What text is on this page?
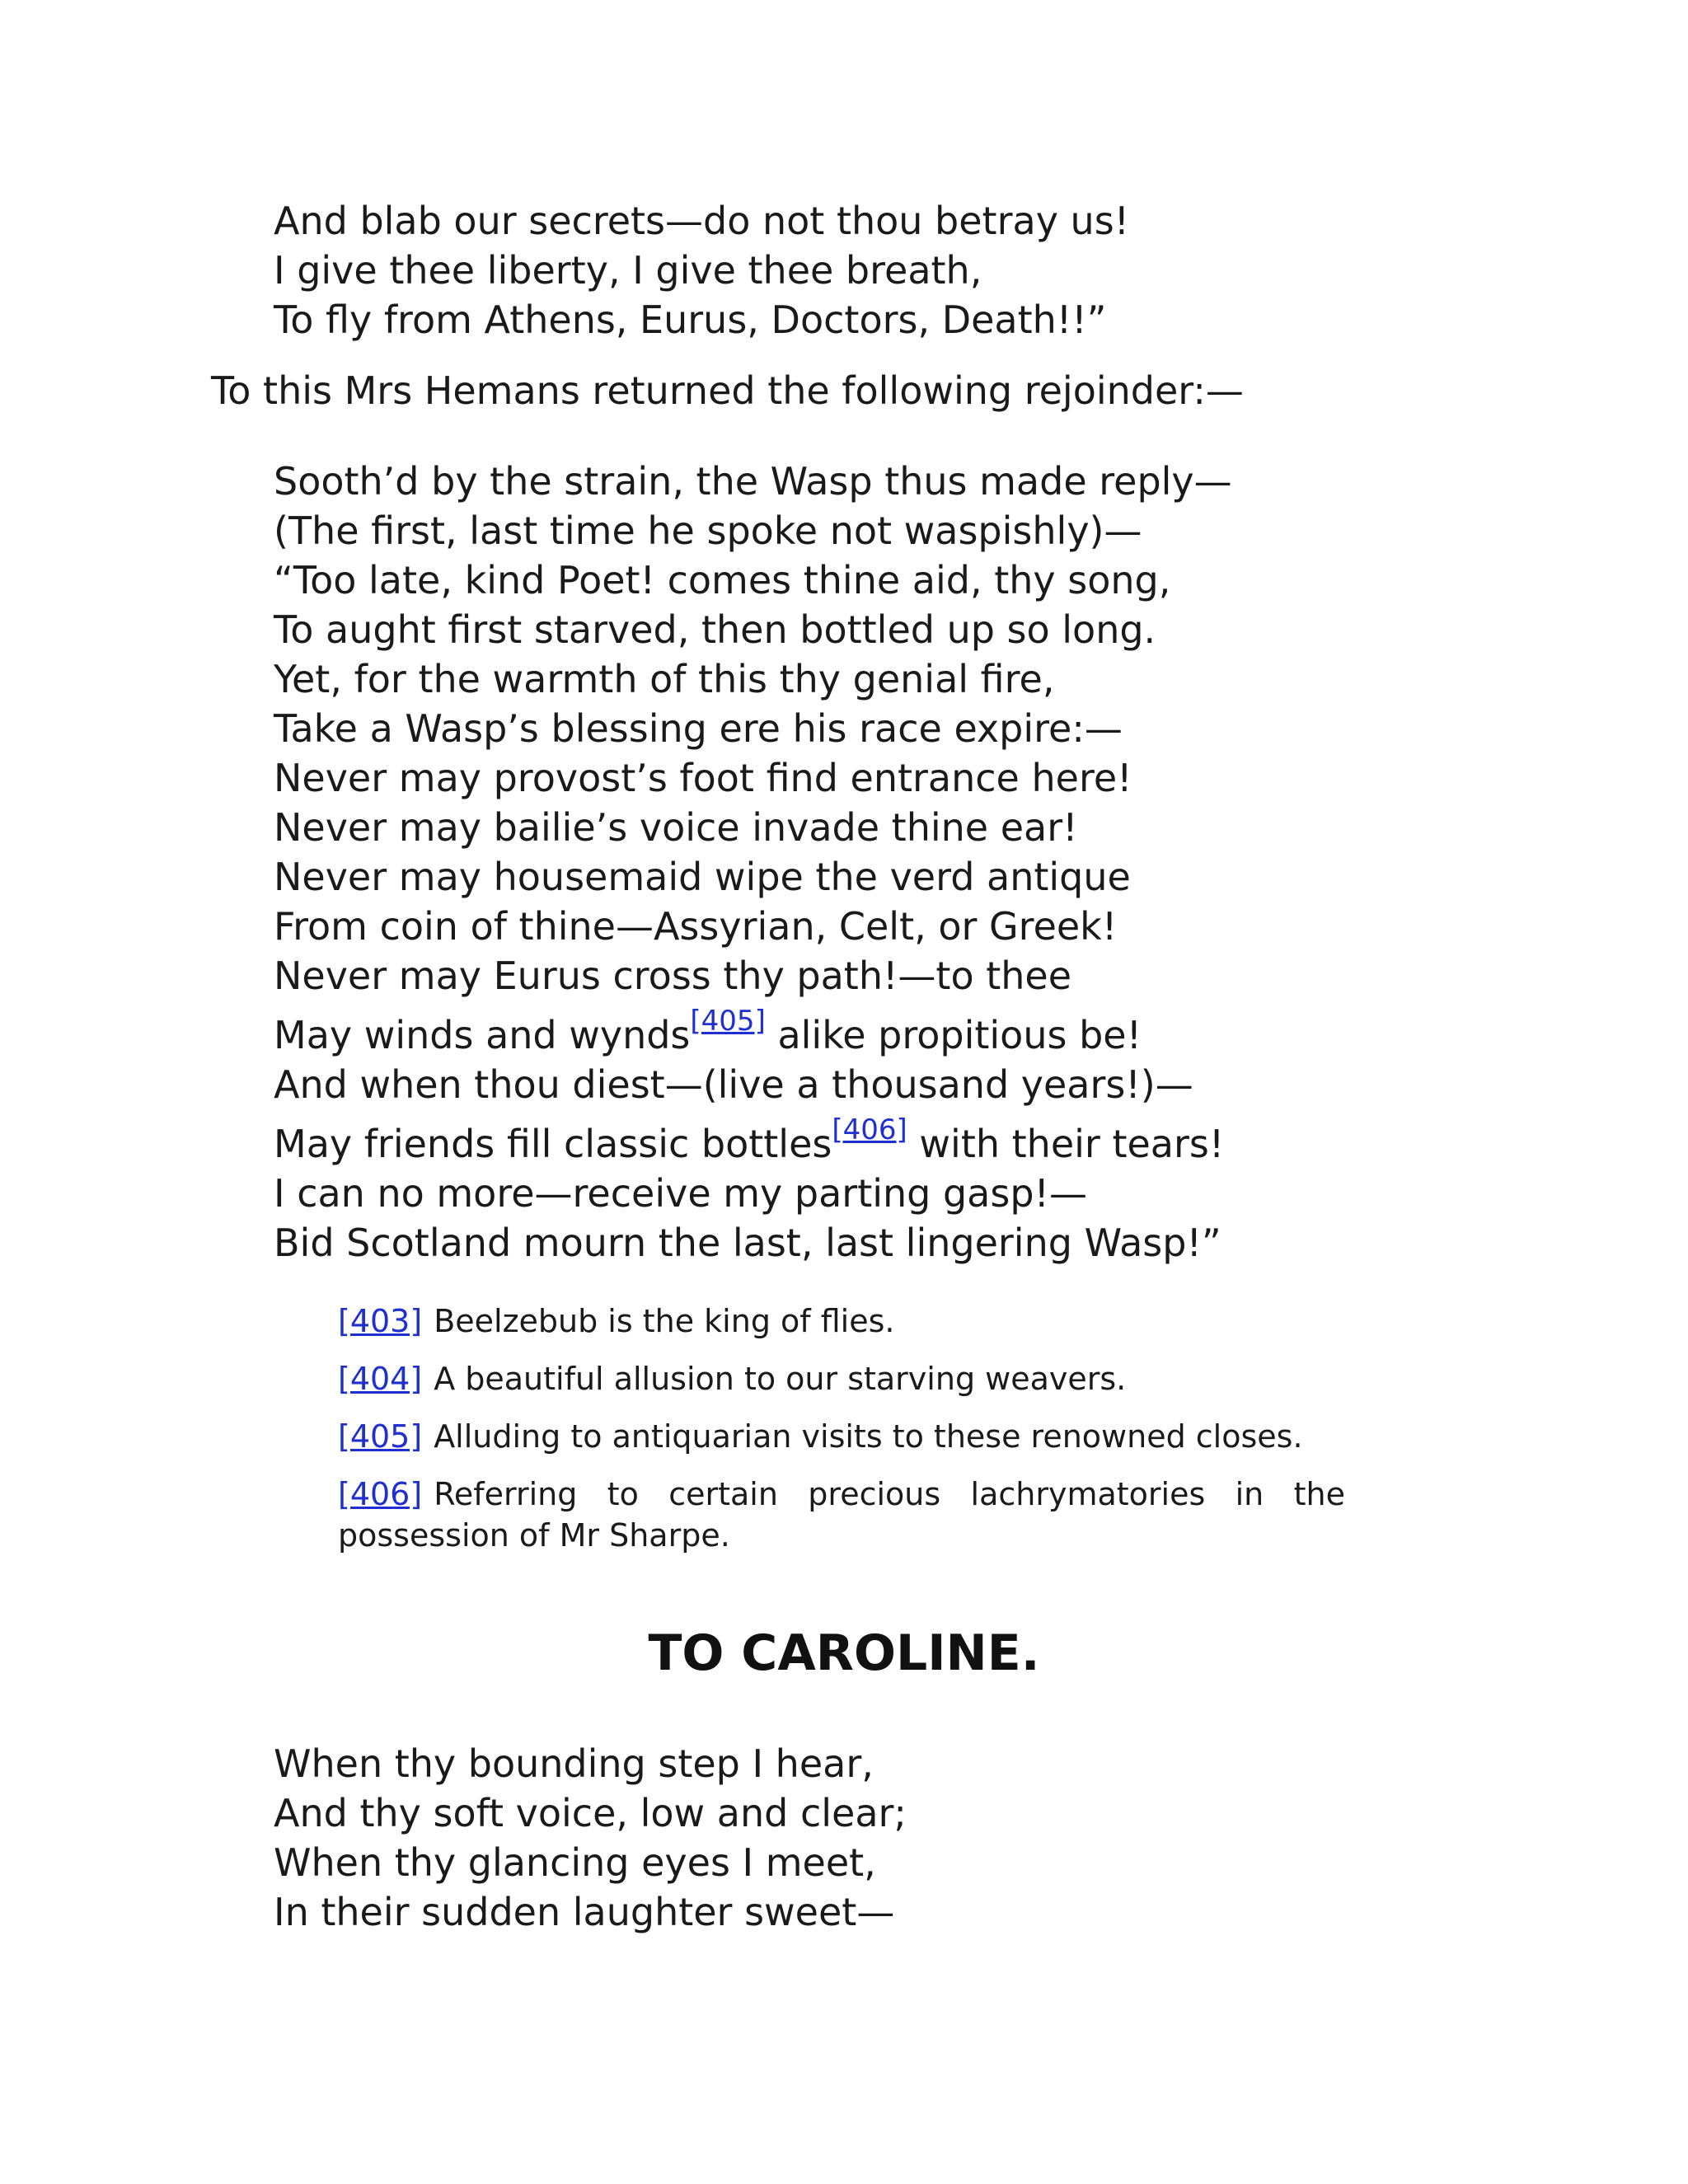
And blab our secrets—do not thou betray us!
I give thee liberty, I give thee breath,
To fly from Athens, Eurus, Doctors, Death!!”

To this Mrs Hemans returned the following rejoinder:—

Sooth’d by the strain, the Wasp thus made reply—
(The first, last time he spoke not waspishly)—
“Too late, kind Poet! comes thine aid, thy song,
To aught first starved, then bottled up so long.
Yet, for the warmth of this thy genial fire,
Take a Wasp’s blessing ere his race expire:—
Never may provost’s foot find entrance here!
Never may bailie’s voice invade thine ear!
Never may housemaid wipe the verd antique
From coin of thine—Assyrian, Celt, or Greek!
Never may Eurus cross thy path!—to thee
May winds and wynds[405] alike propitious be!
And when thou diest—(live a thousand years!)—
May friends fill classic bottles[406] with their tears!
I can no more—receive my parting gasp!—
Bid Scotland mourn the last, last lingering Wasp!”

[403] Beelzebub is the king of flies.

[404] A beautiful allusion to our starving weavers.

[405] Alluding to antiquarian visits to these renowned closes.

[406] Referring to certain precious lachrymatories in the possession of Mr Sharpe.

TO CAROLINE.
When thy bounding step I hear,
And thy soft voice, low and clear;
When thy glancing eyes I meet,
In their sudden laughter sweet—
